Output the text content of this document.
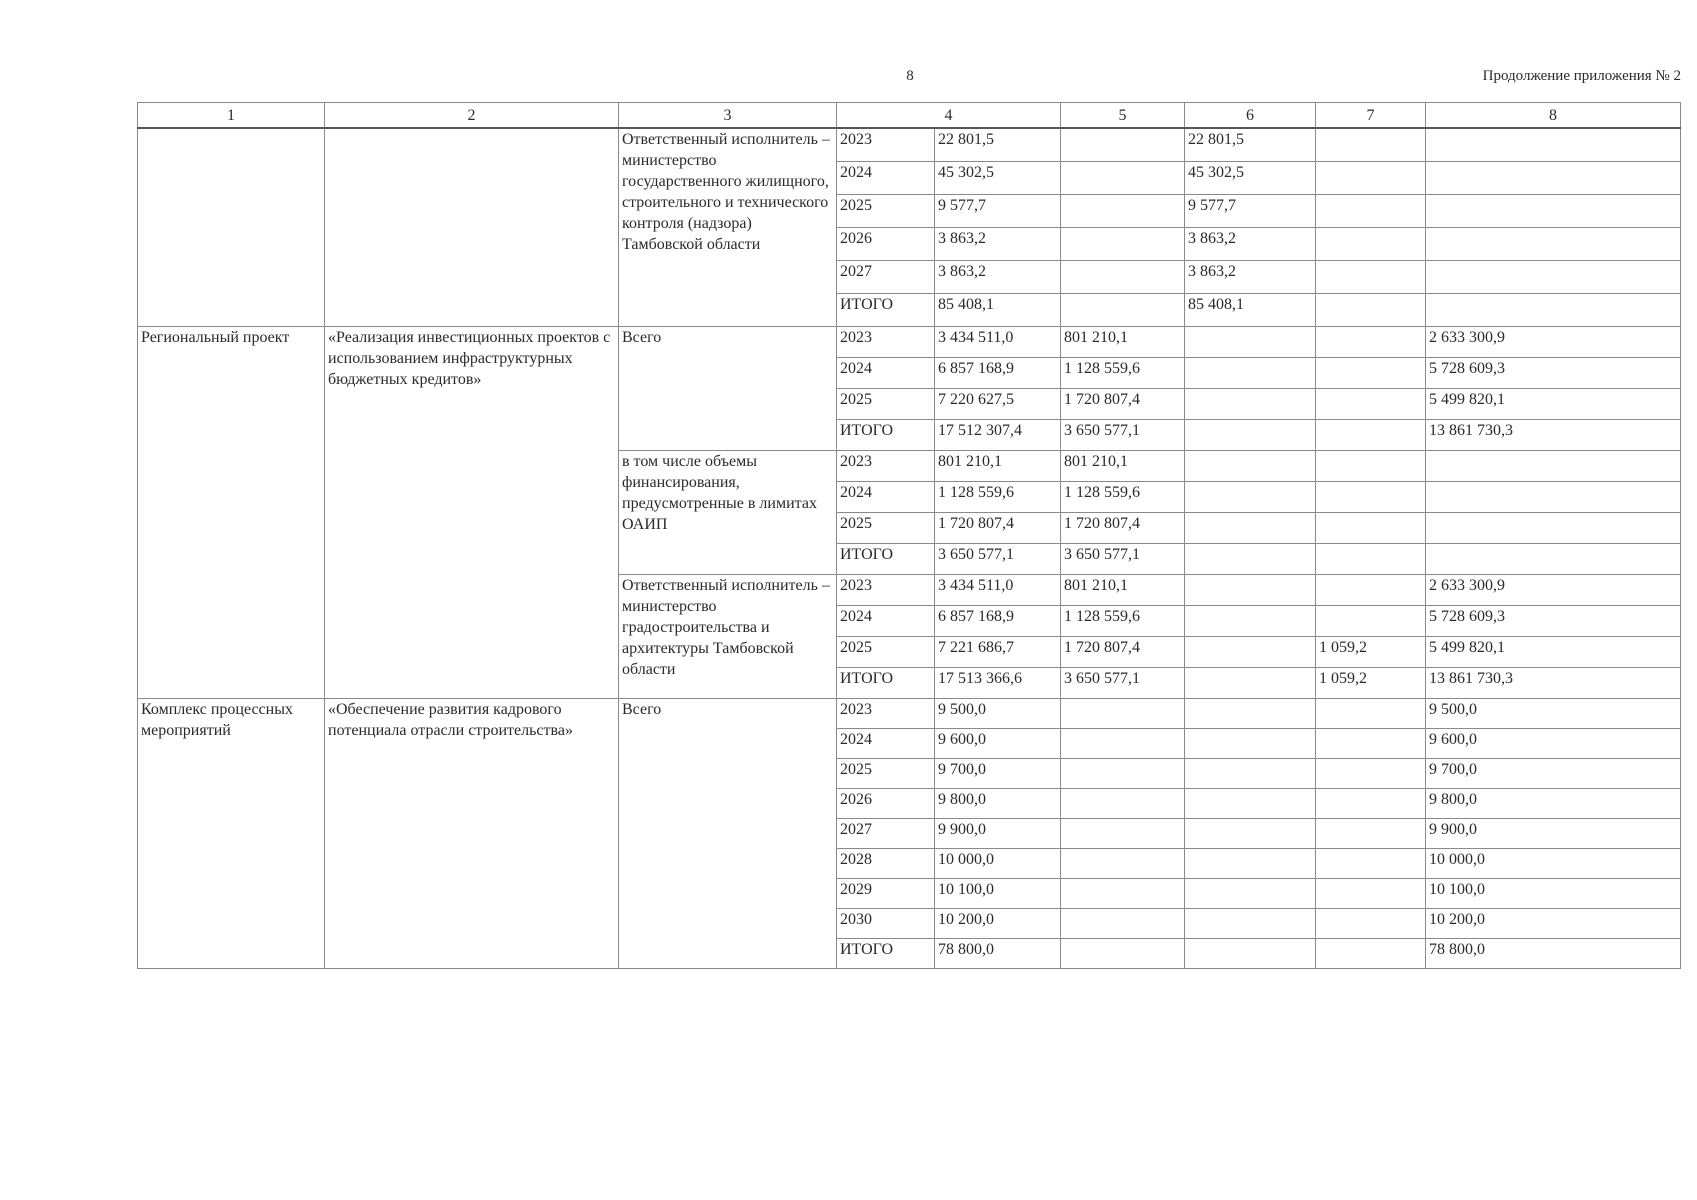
8	Продолжение приложения № 2
1	2	3	4		5	6	7	8
		Ответственный исполнитель – министерство государственного жилищного, строительного и технического контроля (надзора) Тамбовской области	2023	22 801,5		22 801,5		
			2024	45 302,5		45 302,5		
			2025	9 577,7		9 577,7		
			2026	3 863,2		3 863,2		
			2027	3 863,2		3 863,2		
			ИТОГО	85 408,1		85 408,1		
Региональный проект	«Реализация инвестиционных проектов с использованием инфраструктурных бюджетных кредитов»	Всего	2023	3 434 511,0	801 210,1			2 633 300,9
			2024	6 857 168,9	1 128 559,6			5 728 609,3
			2025	7 220 627,5	1 720 807,4			5 499 820,1
			ИТОГО	17 512 307,4	3 650 577,1			13 861 730,3
		в том числе объемы финансирования, предусмотренные в лимитах ОАИП	2023	801 210,1	801 210,1			
			2024	1 128 559,6	1 128 559,6			
			2025	1 720 807,4	1 720 807,4			
			ИТОГО	3 650 577,1	3 650 577,1			
		Ответственный исполнитель – министерство градостроительства и архитектуры Тамбовской области	2023	3 434 511,0	801 210,1			2 633 300,9
			2024	6 857 168,9	1 128 559,6			5 728 609,3
			2025	7 221 686,7	1 720 807,4		1 059,2	5 499 820,1
			ИТОГО	17 513 366,6	3 650 577,1		1 059,2	13 861 730,3
Комплекс процессных мероприятий	«Обеспечение развития кадрового потенциала отрасли строительства»	Всего	2023	9 500,0				9 500,0
			2024	9 600,0				9 600,0
			2025	9 700,0				9 700,0
			2026	9 800,0				9 800,0
			2027	9 900,0				9 900,0
			2028	10 000,0				10 000,0
			2029	10 100,0				10 100,0
			2030	10 200,0				10 200,0
			ИТОГО	78 800,0				78 800,0
